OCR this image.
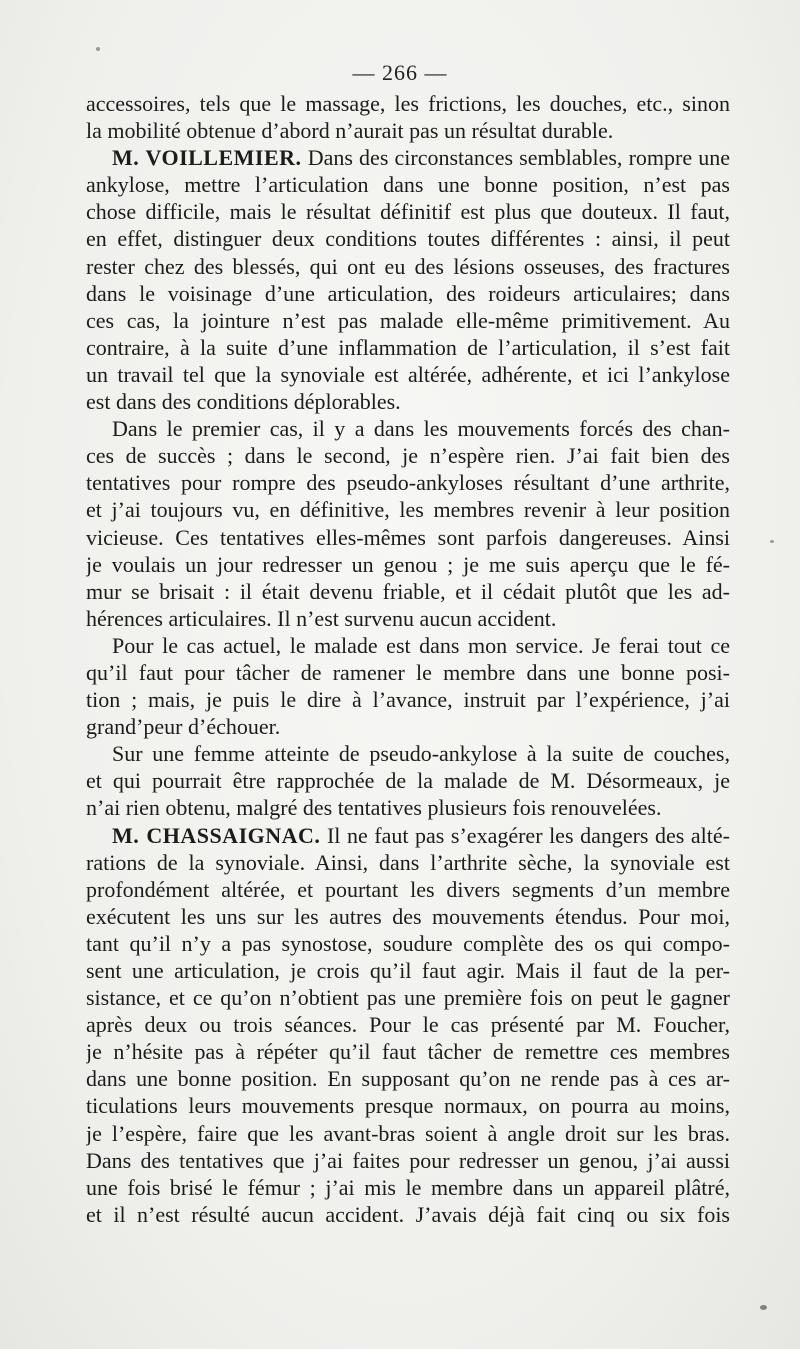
— 266 —
accessoires, tels que le massage, les frictions, les douches, etc., sinon
la mobilité obtenue d’abord n’aurait pas un résultat durable.
M. VOILLEMIER. Dans des circonstances semblables, rompre une
ankylose, mettre l’articulation dans une bonne position, n’est pas
chose difficile, mais le résultat définitif est plus que douteux. Il faut,
en effet, distinguer deux conditions toutes différentes : ainsi, il peut
rester chez des blessés, qui ont eu des lésions osseuses, des fractures
dans le voisinage d’une articulation, des roideurs articulaires; dans
ces cas, la jointure n’est pas malade elle-même primitivement. Au
contraire, à la suite d’une inflammation de l’articulation, il s’est fait
un travail tel que la synoviale est altérée, adhérente, et ici l’ankylose
est dans des conditions déplorables.
Dans le premier cas, il y a dans les mouvements forcés des chan-
ces de succès ; dans le second, je n’espère rien. J’ai fait bien des
tentatives pour rompre des pseudo-ankyloses résultant d’une arthrite,
et j’ai toujours vu, en définitive, les membres revenir à leur position
vicieuse. Ces tentatives elles-mêmes sont parfois dangereuses. Ainsi
je voulais un jour redresser un genou ; je me suis aperçu que le fé-
mur se brisait : il était devenu friable, et il cédait plutôt que les ad-
hérences articulaires. Il n’est survenu aucun accident.
Pour le cas actuel, le malade est dans mon service. Je ferai tout ce
qu’il faut pour tâcher de ramener le membre dans une bonne posi-
tion ; mais, je puis le dire à l’avance, instruit par l’expérience, j’ai
grand’peur d’échouer.
Sur une femme atteinte de pseudo-ankylose à la suite de couches,
et qui pourrait être rapprochée de la malade de M. Désormeaux, je
n’ai rien obtenu, malgré des tentatives plusieurs fois renouvelées.
M. CHASSAIGNAC. Il ne faut pas s’exagérer les dangers des alté-
rations de la synoviale. Ainsi, dans l’arthrite sèche, la synoviale est
profondément altérée, et pourtant les divers segments d’un membre
exécutent les uns sur les autres des mouvements étendus. Pour moi,
tant qu’il n’y a pas synostose, soudure complète des os qui compo-
sent une articulation, je crois qu’il faut agir. Mais il faut de la per-
sistance, et ce qu’on n’obtient pas une première fois on peut le gagner
après deux ou trois séances. Pour le cas présenté par M. Foucher,
je n’hésite pas à répéter qu’il faut tâcher de remettre ces membres
dans une bonne position. En supposant qu’on ne rende pas à ces ar-
ticulations leurs mouvements presque normaux, on pourra au moins,
je l’espère, faire que les avant-bras soient à angle droit sur les bras.
Dans des tentatives que j’ai faites pour redresser un genou, j’ai aussi
une fois brisé le fémur ; j’ai mis le membre dans un appareil plâtré,
et il n’est résulté aucun accident. J’avais déjà fait cinq ou six fois
